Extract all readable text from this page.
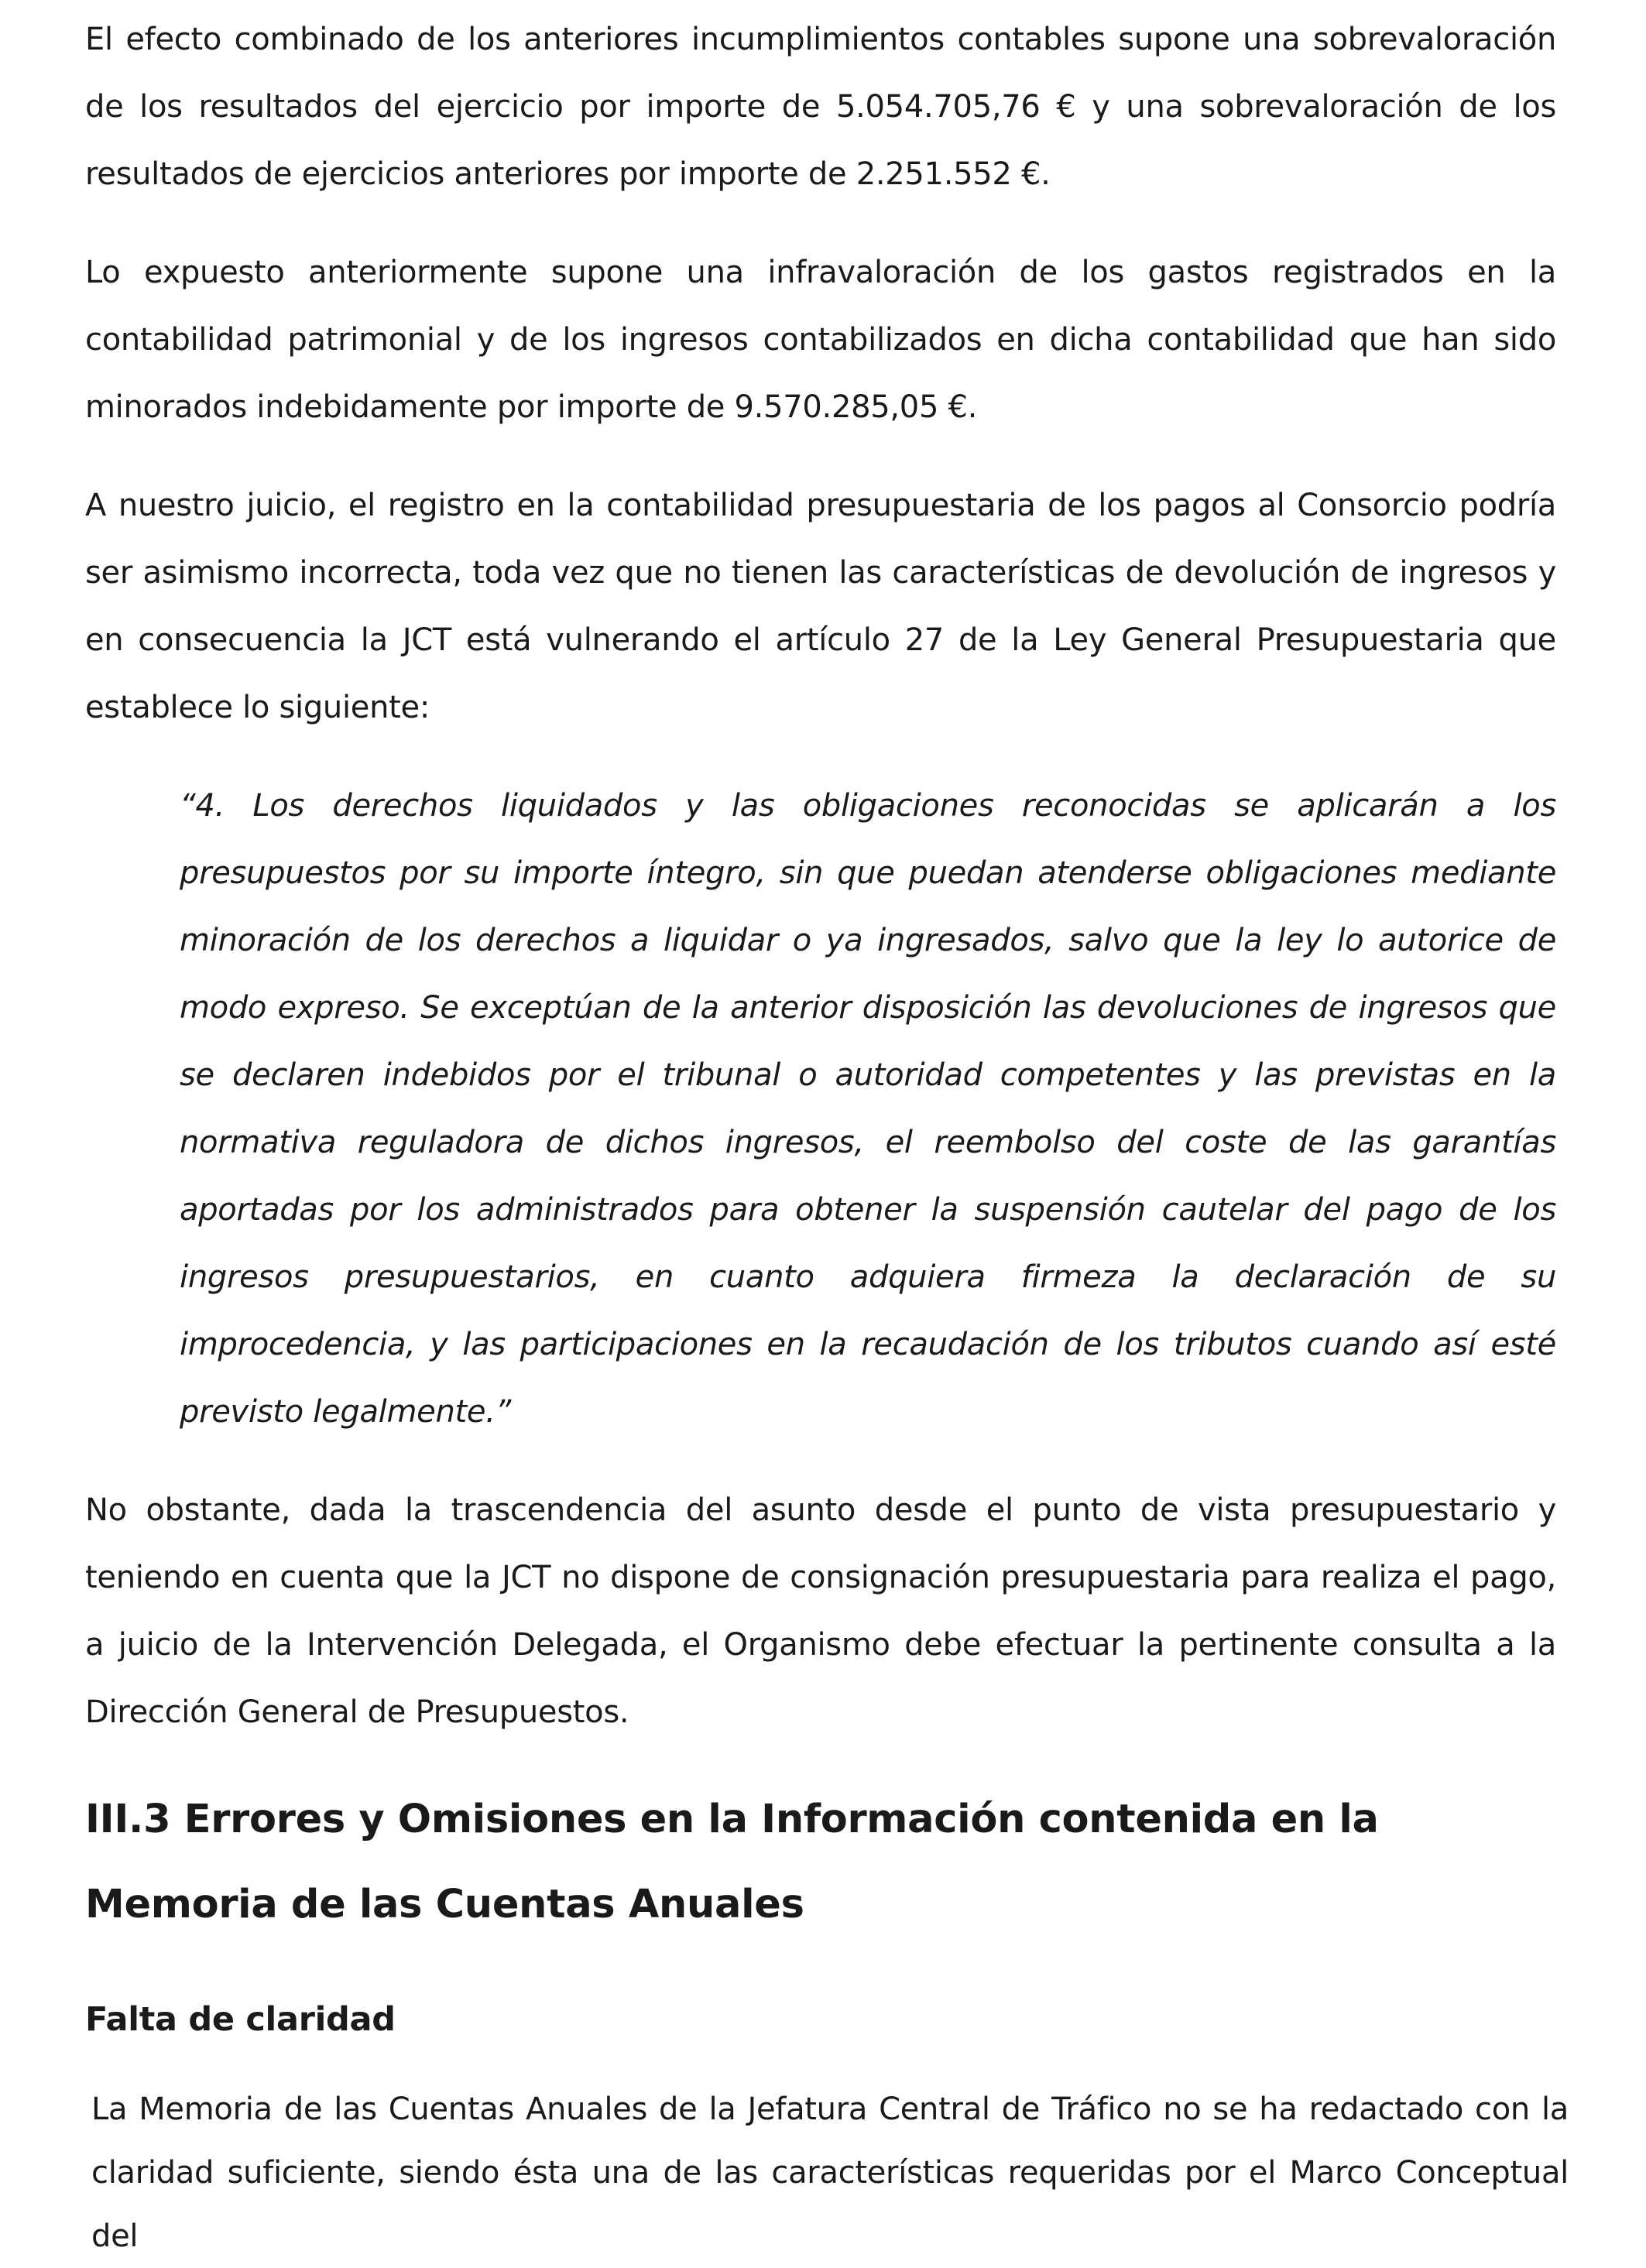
El efecto combinado de los anteriores incumplimientos contables supone una sobrevaloración de los resultados del ejercicio por importe de 5.054.705,76 € y una sobrevaloración de los resultados de ejercicios anteriores por importe de 2.251.552 €.

Lo expuesto anteriormente supone una infravaloración de los gastos registrados en la contabilidad patrimonial y de los ingresos contabilizados en dicha contabilidad que han sido minorados indebidamente por importe de 9.570.285,05 €.

A nuestro juicio, el registro en la contabilidad presupuestaria de los pagos al Consorcio podría ser asimismo incorrecta, toda vez que no tienen las características de devolución de ingresos y en consecuencia la JCT está vulnerando el artículo 27 de la Ley General Presupuestaria que establece lo siguiente:

“4. Los derechos liquidados y las obligaciones reconocidas se aplicarán a los presupuestos por su importe íntegro, sin que puedan atenderse obligaciones mediante minoración de los derechos a liquidar o ya ingresados, salvo que la ley lo autorice de modo expreso. Se exceptúan de la anterior disposición las devoluciones de ingresos que se declaren indebidos por el tribunal o autoridad competentes y las previstas en la normativa reguladora de dichos ingresos, el reembolso del coste de las garantías aportadas por los administrados para obtener la suspensión cautelar del pago de los ingresos presupuestarios, en cuanto adquiera firmeza la declaración de su improcedencia, y las participaciones en la recaudación de los tributos cuando así esté previsto legalmente.”

No obstante, dada la trascendencia del asunto desde el punto de vista presupuestario y teniendo en cuenta que la JCT no dispone de consignación presupuestaria para realiza el pago, a juicio de la Intervención Delegada, el Organismo debe efectuar la pertinente consulta a la Dirección General de Presupuestos.

III.3 Errores y Omisiones en la Información contenida en la Memoria de las Cuentas Anuales
Falta de claridad

La Memoria de las Cuentas Anuales de la Jefatura Central de Tráfico no se ha redactado con la claridad suficiente, siendo ésta una de las características requeridas por el Marco Conceptual del
